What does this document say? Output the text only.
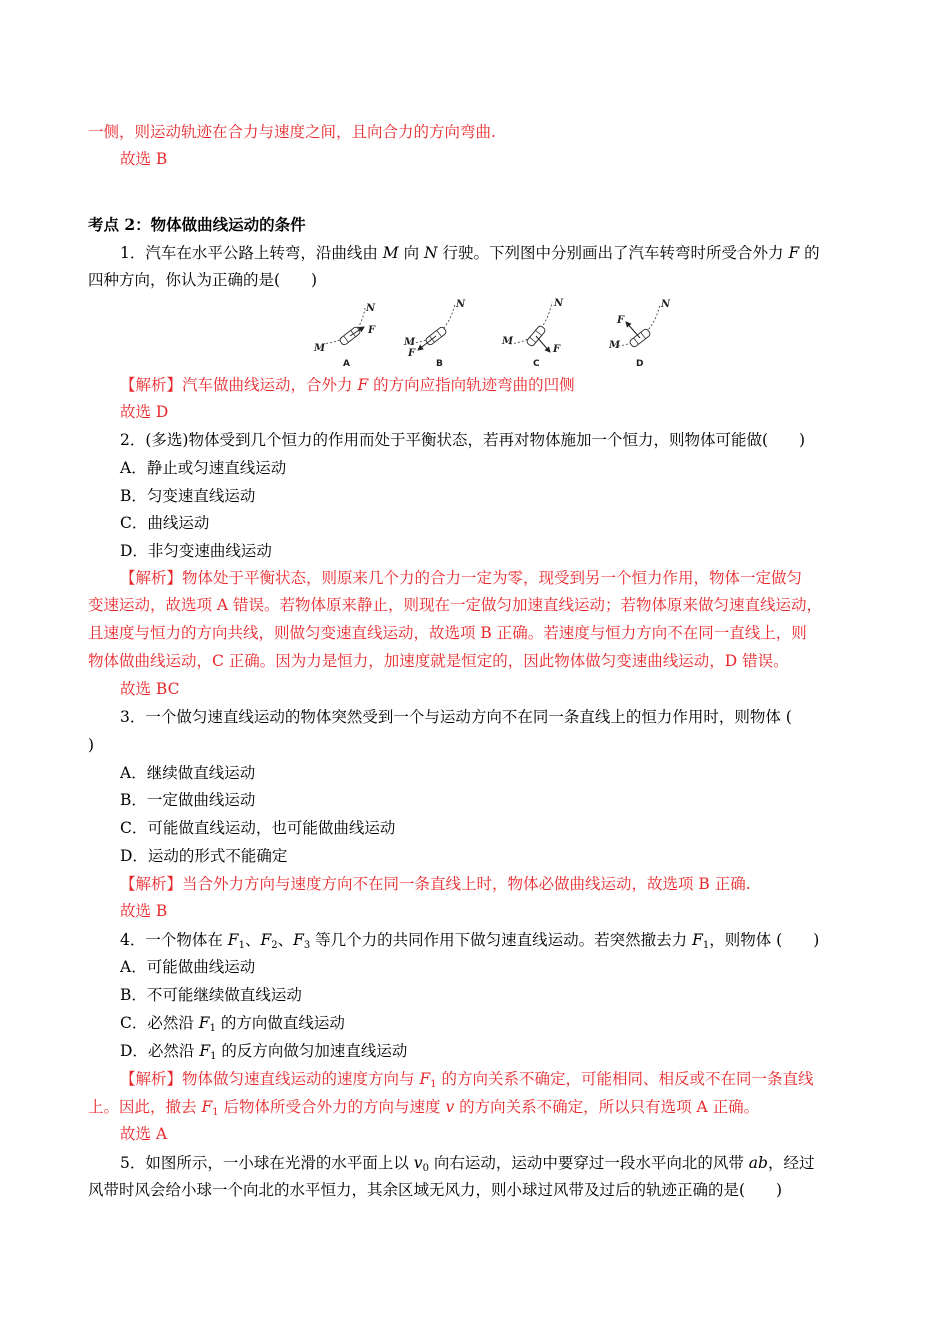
一侧，则运动轨迹在合力与速度之间，且向合力的方向弯曲.
故选 B
考点 2：物体做曲线运动的条件
1．汽车在水平公路上转弯，沿曲线由 M 向 N 行驶。下列图中分别画出了汽车转弯时所受合外力 F 的
四种方向，你认为正确的是(　　)
M
N
F
A
M
N
F
B
M
N
F
C
M
N
F
D
【解析】汽车做曲线运动，合外力 F 的方向应指向轨迹弯曲的凹侧
故选 D
2．(多选)物体受到几个恒力的作用而处于平衡状态，若再对物体施加一个恒力，则物体可能做(　　)
A．静止或匀速直线运动
B．匀变速直线运动
C．曲线运动
D．非匀变速曲线运动
【解析】物体处于平衡状态，则原来几个力的合力一定为零，现受到另一个恒力作用，物体一定做匀
变速运动，故选项 A 错误。若物体原来静止，则现在一定做匀加速直线运动；若物体原来做匀速直线运动，
且速度与恒力的方向共线，则做匀变速直线运动，故选项 B 正确。若速度与恒力方向不在同一直线上，则
物体做曲线运动，C 正确。因为力是恒力，加速度就是恒定的，因此物体做匀变速曲线运动，D 错误。
故选 BC
3．一个做匀速直线运动的物体突然受到一个与运动方向不在同一条直线上的恒力作用时，则物体 (
)
A．继续做直线运动
B．一定做曲线运动
C．可能做直线运动，也可能做曲线运动
D．运动的形式不能确定
【解析】当合外力方向与速度方向不在同一条直线上时，物体必做曲线运动，故选项 B 正确.
故选 B
4．一个物体在 $F_1$、$F_2$、$F_3$ 等几个力的共同作用下做匀速直线运动。若突然撤去力 $F_1$，则物体 (　　)
A．可能做曲线运动
B．不可能继续做直线运动
C．必然沿 $F_1$ 的方向做直线运动
D．必然沿 $F_1$ 的反方向做匀加速直线运动
【解析】物体做匀速直线运动的速度方向与 $F_1$ 的方向关系不确定，可能相同、相反或不在同一条直线
上。因此，撤去 $F_1$ 后物体所受合外力的方向与速度 v 的方向关系不确定，所以只有选项 A 正确。
故选 A
5．如图所示，一小球在光滑的水平面上以 $v_0$ 向右运动，运动中要穿过一段水平向北的风带 ab，经过
风带时风会给小球一个向北的水平恒力，其余区域无风力，则小球过风带及过后的轨迹正确的是(　　)
